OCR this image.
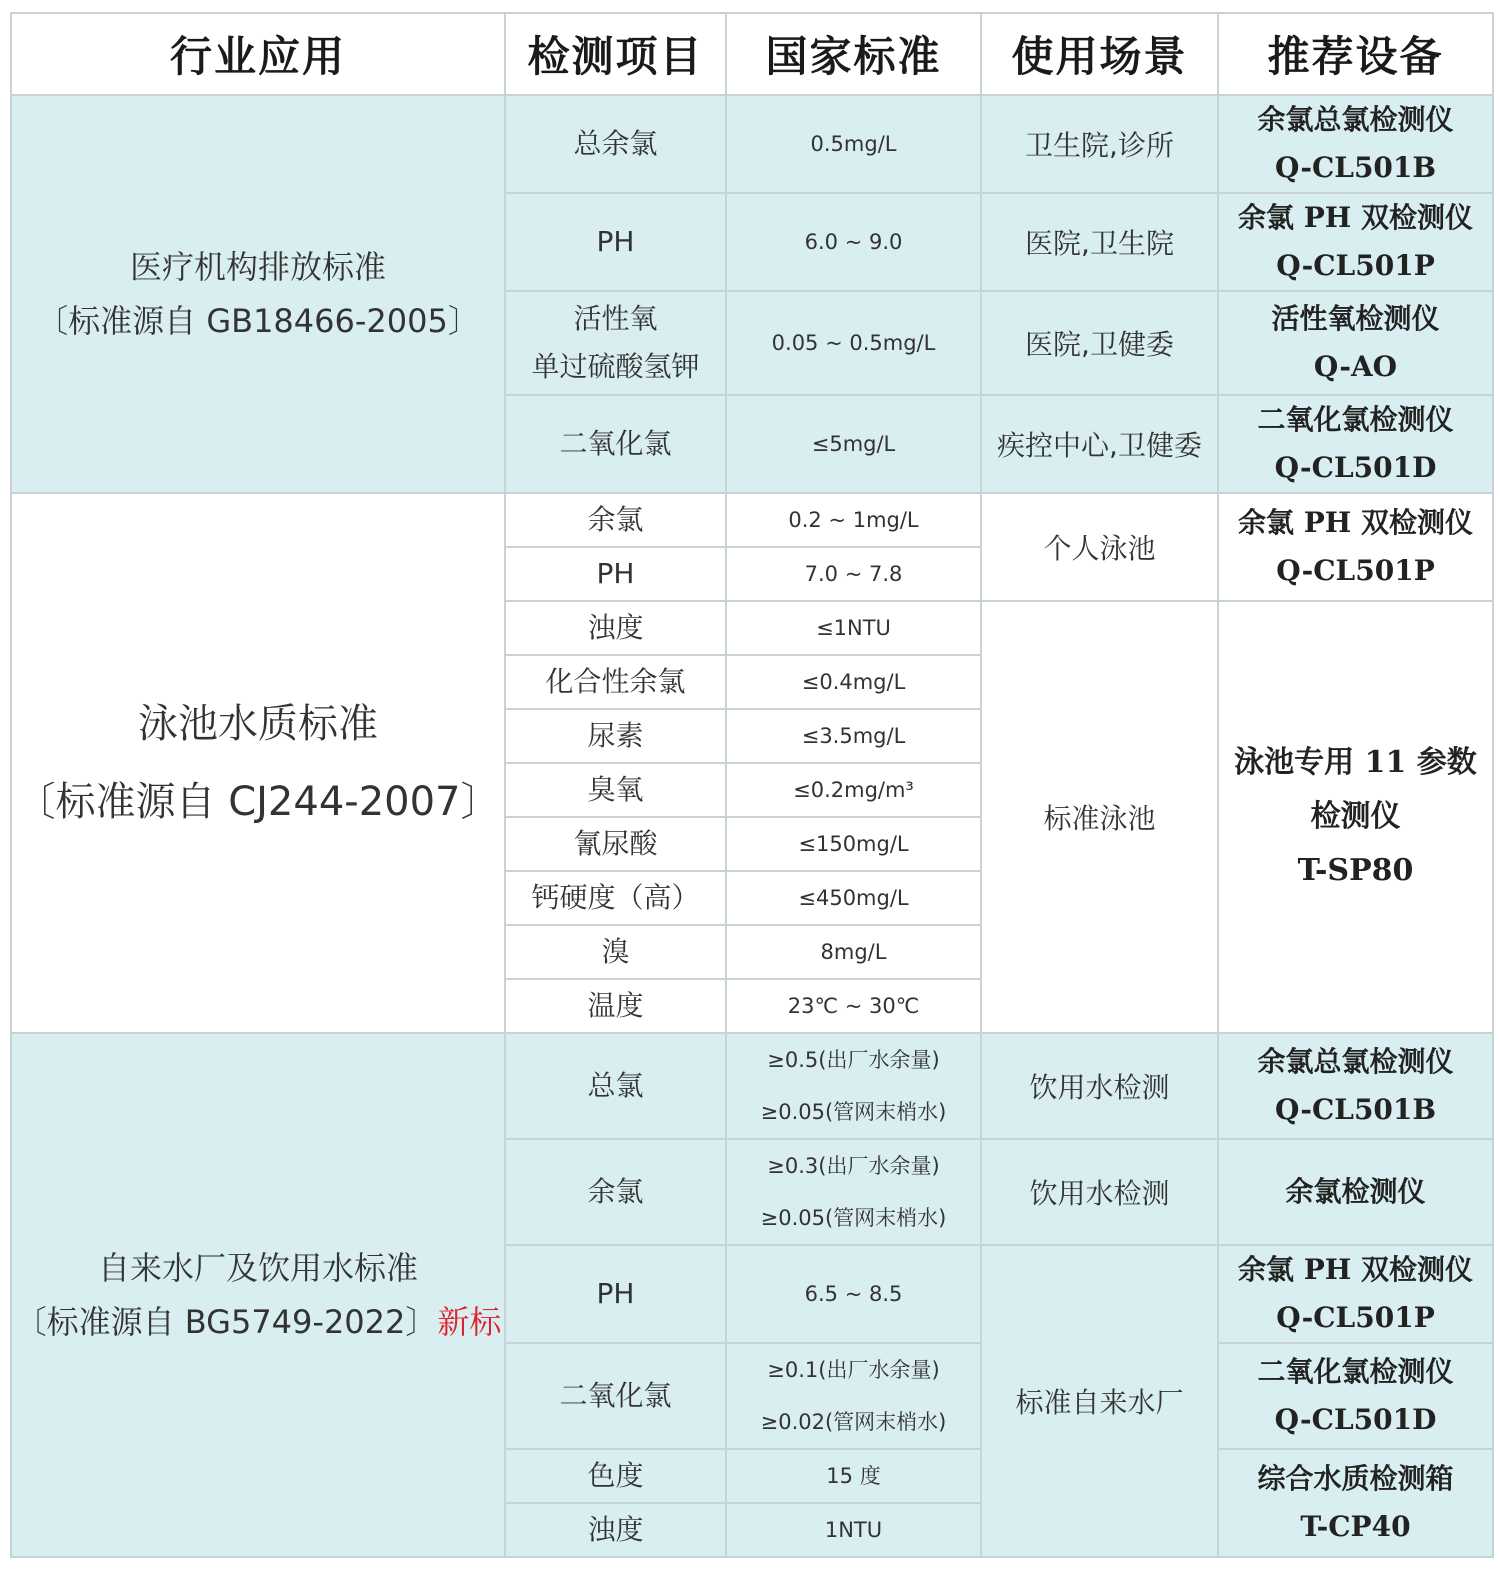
行业应用	检测项目	国家标准	使用场景	推荐设备

医疗机构排放标准
〔标准源自 GB18466-2005〕	总余氯	0.5mg/L	卫生院,诊所	余氯总氯检测仪
Q-CL501B

	PH	6.0 ~ 9.0	医院,卫生院	余氯 PH 双检测仪
Q-CL501P

	活性氧
单过硫酸氢钾	0.05 ~ 0.5mg/L	医院,卫健委	活性氧检测仪
Q-AO

	二氧化氯	≤5mg/L	疾控中心,卫健委	二氧化氯检测仪
Q-CL501D

泳池水质标准
〔标准源自 CJ244-2007〕	余氯	0.2 ~ 1mg/L	个人泳池	余氯 PH 双检测仪
Q-CL501P

	PH	7.0 ~ 7.8		
	浊度	≤1NTU	标准泳池	泳池专用 11 参数
检测仪
T-SP80

	化合性余氯	≤0.4mg/L		
	尿素	≤3.5mg/L		
	臭氧	≤0.2mg/m³		
	氰尿酸	≤150mg/L		
	钙硬度（高）	≤450mg/L		
	溴	8mg/L		
	温度	23℃ ~ 30℃		

自来水厂及饮用水标准
〔标准源自 BG5749-2022〕新标	总氯	≥0.5(出厂水余量)
≥0.05(管网末梢水)	饮用水检测	余氯总氯检测仪
Q-CL501B

	余氯	≥0.3(出厂水余量)
≥0.05(管网末梢水)	饮用水检测	余氯检测仪

	PH	6.5 ~ 8.5	标准自来水厂	余氯 PH 双检测仪
Q-CL501P

	二氧化氯	≥0.1(出厂水余量)
≥0.02(管网末梢水)		二氧化氯检测仪
Q-CL501D

	色度	15 度		综合水质检测箱
T-CP40

	浊度	1NTU		
